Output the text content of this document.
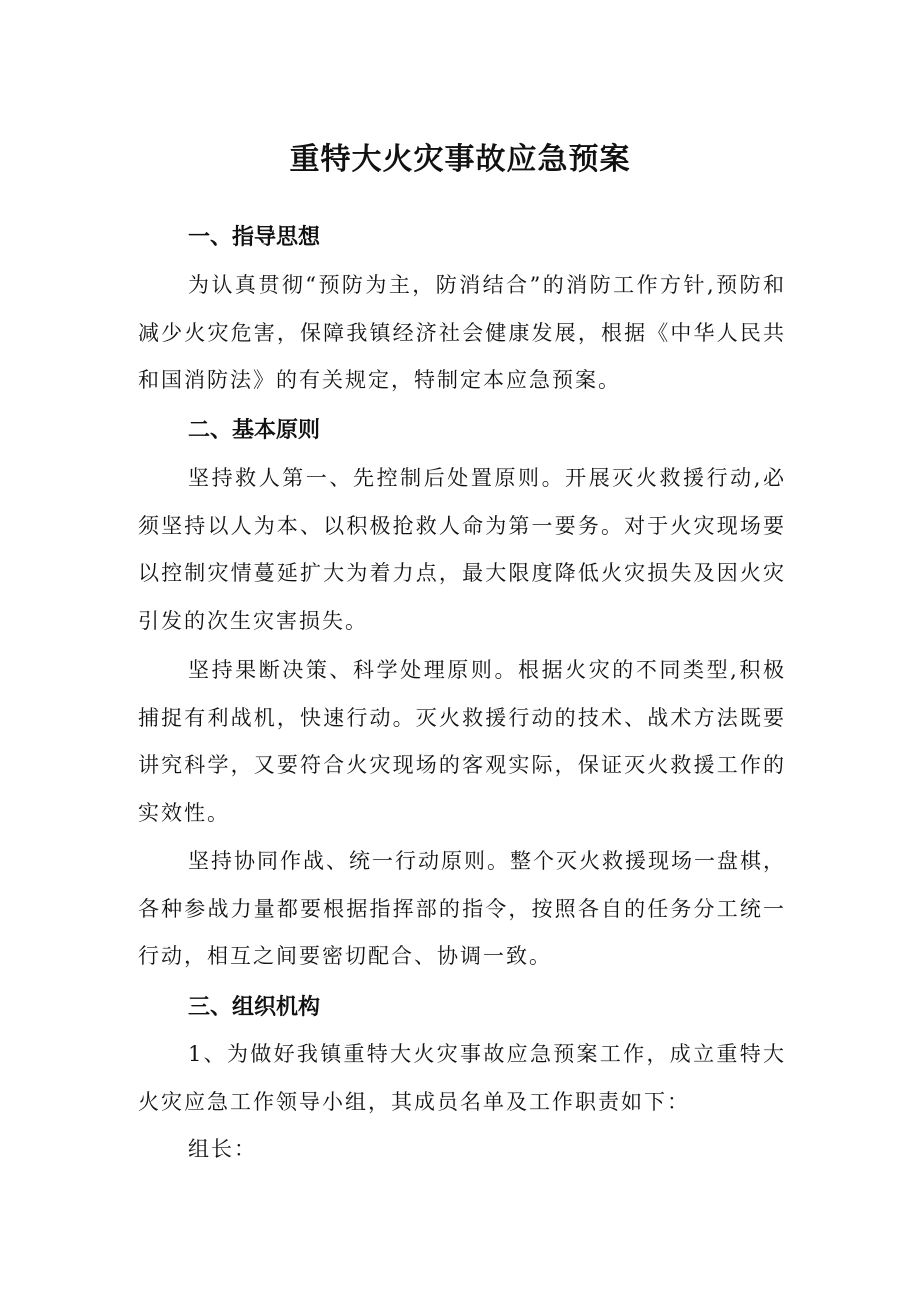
重特大火灾事故应急预案
一、指导思想

为认真贯彻“预防为主，防消结合”的消防工作方针,预防和减少火灾危害，保障我镇经济社会健康发展，根据《中华人民共和国消防法》的有关规定，特制定本应急预案。

二、基本原则

坚持救人第一、先控制后处置原则。开展灭火救援行动,必须坚持以人为本、以积极抢救人命为第一要务。对于火灾现场要以控制灾情蔓延扩大为着力点，最大限度降低火灾损失及因火灾引发的次生灾害损失。

坚持果断决策、科学处理原则。根据火灾的不同类型,积极捕捉有利战机，快速行动。灭火救援行动的技术、战术方法既要讲究科学，又要符合火灾现场的客观实际，保证灭火救援工作的实效性。

坚持协同作战、统一行动原则。整个灭火救援现场一盘棋，各种参战力量都要根据指挥部的指令，按照各自的任务分工统一行动，相互之间要密切配合、协调一致。

三、组织机构

1、为做好我镇重特大火灾事故应急预案工作，成立重特大火灾应急工作领导小组，其成员名单及工作职责如下：

组长：
